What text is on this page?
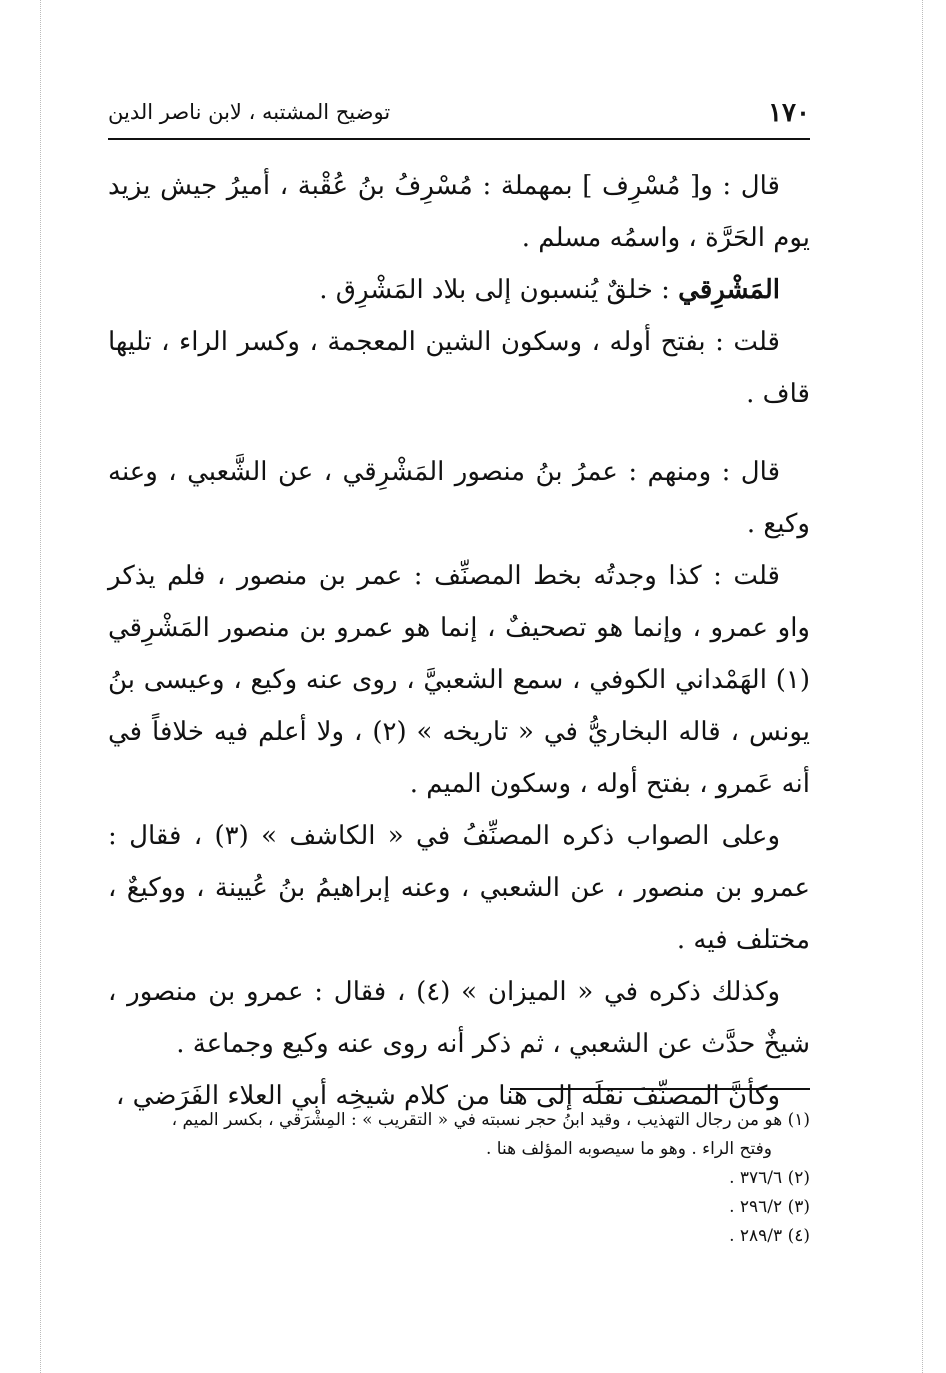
١٧٠
توضيح المشتبه ، لابن ناصر الدين

قال : و[ مُسْرِف ] بمهملة : مُسْرِفُ بنُ عُقْبة ، أميرُ جيش يزيد يوم الحَرَّة ، واسمُه مسلم .

المَشْرِقي : خلقٌ يُنسبون إلى بلاد المَشْرِق .

قلت : بفتح أوله ، وسكون الشين المعجمة ، وكسر الراء ، تليها قاف .

قال : ومنهم : عمرُ بنُ منصور المَشْرِقي ، عن الشَّعبي ، وعنه وكيع .

قلت : كذا وجدتُه بخط المصنِّف : عمر بن منصور ، فلم يذكر واو عمرو ، وإنما هو تصحيفٌ ، إنما هو عمرو بن منصور المَشْرِقي (١) الهَمْداني الكوفي ، سمع الشعبيَّ ، روى عنه وكيع ، وعيسى بنُ يونس ، قاله البخاريُّ في « تاريخه » (٢) ، ولا أعلم فيه خلافاً في أنه عَمرو ، بفتح أوله ، وسكون الميم .

وعلى الصواب ذكره المصنِّفُ في « الكاشف » (٣) ، فقال : عمرو بن منصور ، عن الشعبي ، وعنه إبراهيمُ بنُ عُيينة ، ووكيعٌ ، مختلف فيه .

وكذلك ذكره في « الميزان » (٤) ، فقال : عمرو بن منصور ، شيخٌ حدَّث عن الشعبي ، ثم ذكر أنه روى عنه وكيع وجماعة .

وكأنَّ المصنِّفَ نقلَه إلى هنا من كلام شيخِه أبي العلاء الفَرَضي ،

(١) هو من رجال التهذيب ، وقيد ابنُ حجر نسبته في « التقريب » : المِشْرَقي ، بكسر الميم ،
وفتح الراء . وهو ما سيصوبه المؤلف هنا .
(٢) ٣٧٦/٦ .
(٣) ٢٩٦/٢ .
(٤) ٢٨٩/٣ .
